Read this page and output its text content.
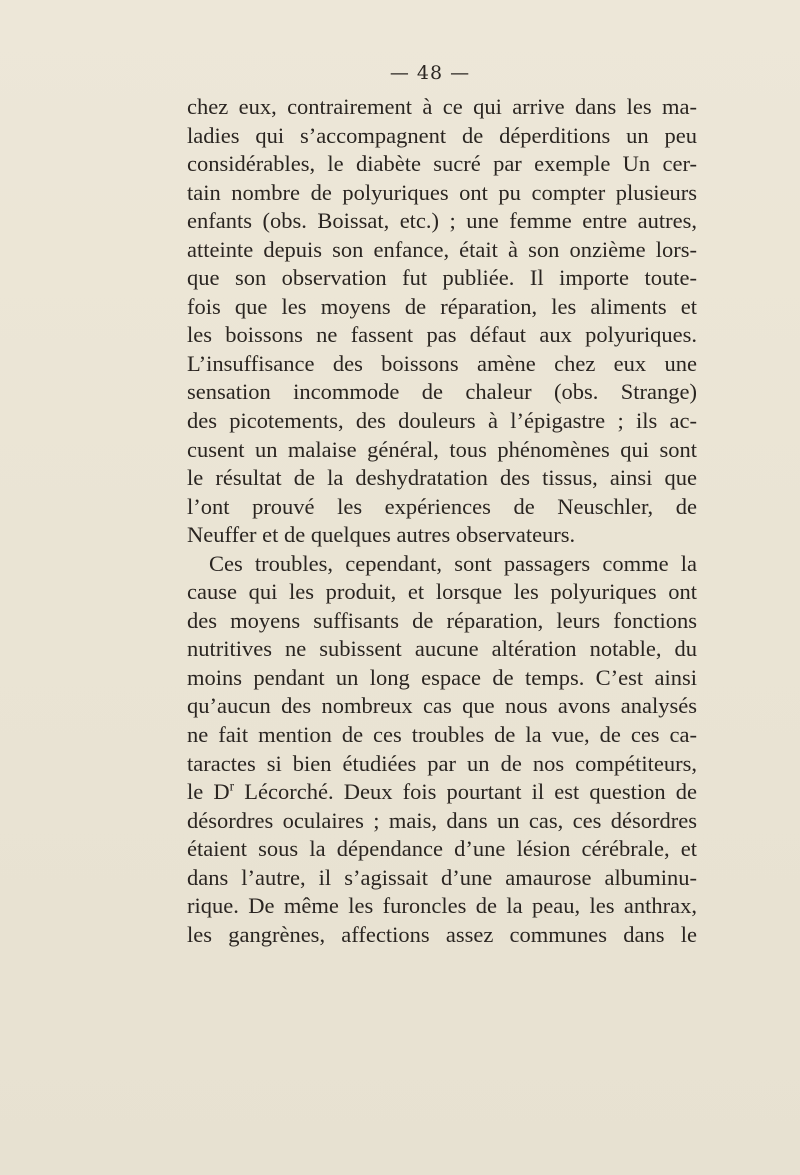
— 48 —
chez eux, contrairement à ce qui arrive dans les ma-
ladies qui s’accompagnent de déperditions un peu
considérables, le diabète sucré par exemple Un cer-
tain nombre de polyuriques ont pu compter plusieurs
enfants (obs. Boissat, etc.) ; une femme entre autres,
atteinte depuis son enfance, était à son onzième lors-
que son observation fut publiée. Il importe toute-
fois que les moyens de réparation, les aliments et
les boissons ne fassent pas défaut aux polyuriques.
L’insuffisance des boissons amène chez eux une
sensation incommode de chaleur (obs. Strange)
des picotements, des douleurs à l’épigastre ; ils ac-
cusent un malaise général, tous phénomènes qui sont
le résultat de la deshydratation des tissus, ainsi que
l’ont prouvé les expériences de Neuschler, de
Neuffer et de quelques autres observateurs.
Ces troubles, cependant, sont passagers comme la
cause qui les produit, et lorsque les polyuriques ont
des moyens suffisants de réparation, leurs fonctions
nutritives ne subissent aucune altération notable, du
moins pendant un long espace de temps. C’est ainsi
qu’aucun des nombreux cas que nous avons analysés
ne fait mention de ces troubles de la vue, de ces ca-
taractes si bien étudiées par un de nos compétiteurs,
le $D^r$ Lécorché. Deux fois pourtant il est question de
désordres oculaires ; mais, dans un cas, ces désordres
étaient sous la dépendance d’une lésion cérébrale, et
dans l’autre, il s’agissait d’une amaurose albuminu-
rique. De même les furoncles de la peau, les anthrax,
les gangrènes, affections assez communes dans le
